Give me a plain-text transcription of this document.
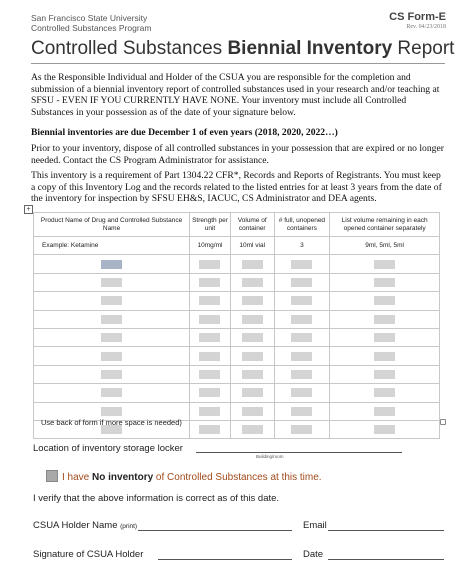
San Francisco State University
Controlled Substances Program
CS Form-E
Rev. 04/23/2018
Controlled Substances Biennial Inventory Report
As the Responsible Individual and Holder of the CSUA you are responsible for the completion and submission of a biennial inventory report of controlled substances used in your research and/or teaching at SFSU - EVEN IF YOU CURRENTLY HAVE NONE. Your inventory must include all Controlled Substances in your possession as of the date of your signature below.
Biennial inventories are due December 1 of even years (2018, 2020, 2022…)
Prior to your inventory, dispose of all controlled substances in your possession that are expired or no longer needed. Contact the CS Program Administrator for assistance.
This inventory is a requirement of Part 1304.22 CFR*, Records and Reports of Registrants. You must keep a copy of this Inventory Log and the records related to the listed entries for at least 3 years from the date of the inventory for inspection by SFSU EH&S, IACUC, CS Administrator and DEA agents.
+
Product Name of Drug and Controlled Substance Name	Strength per unit	Volume of container	# full, unopened containers	List volume remaining in each opened container separately
Example: Ketamine	10mg/ml	10ml vial	3	9ml, 5ml, 5ml

Use back of form if more space is needed)
Location of inventory storage locker
Building/room
I have No inventory of Controlled Substances at this time.
I verify that the above information is correct as of this date.
CSUA Holder Name (print)	Email
Signature of CSUA Holder	Date
